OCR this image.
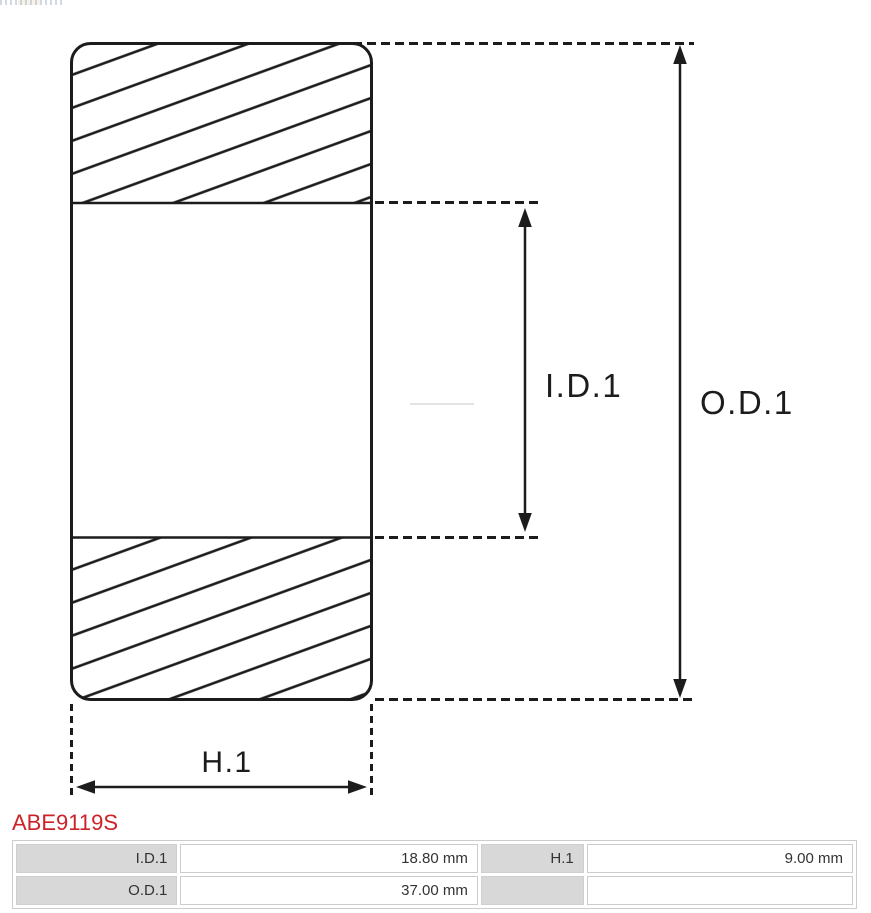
I.D.1 O.D.1
H.1
ABE9119S
I.D.1	18.80 mm	H.1	9.00 mm
O.D.1	37.00 mm		
